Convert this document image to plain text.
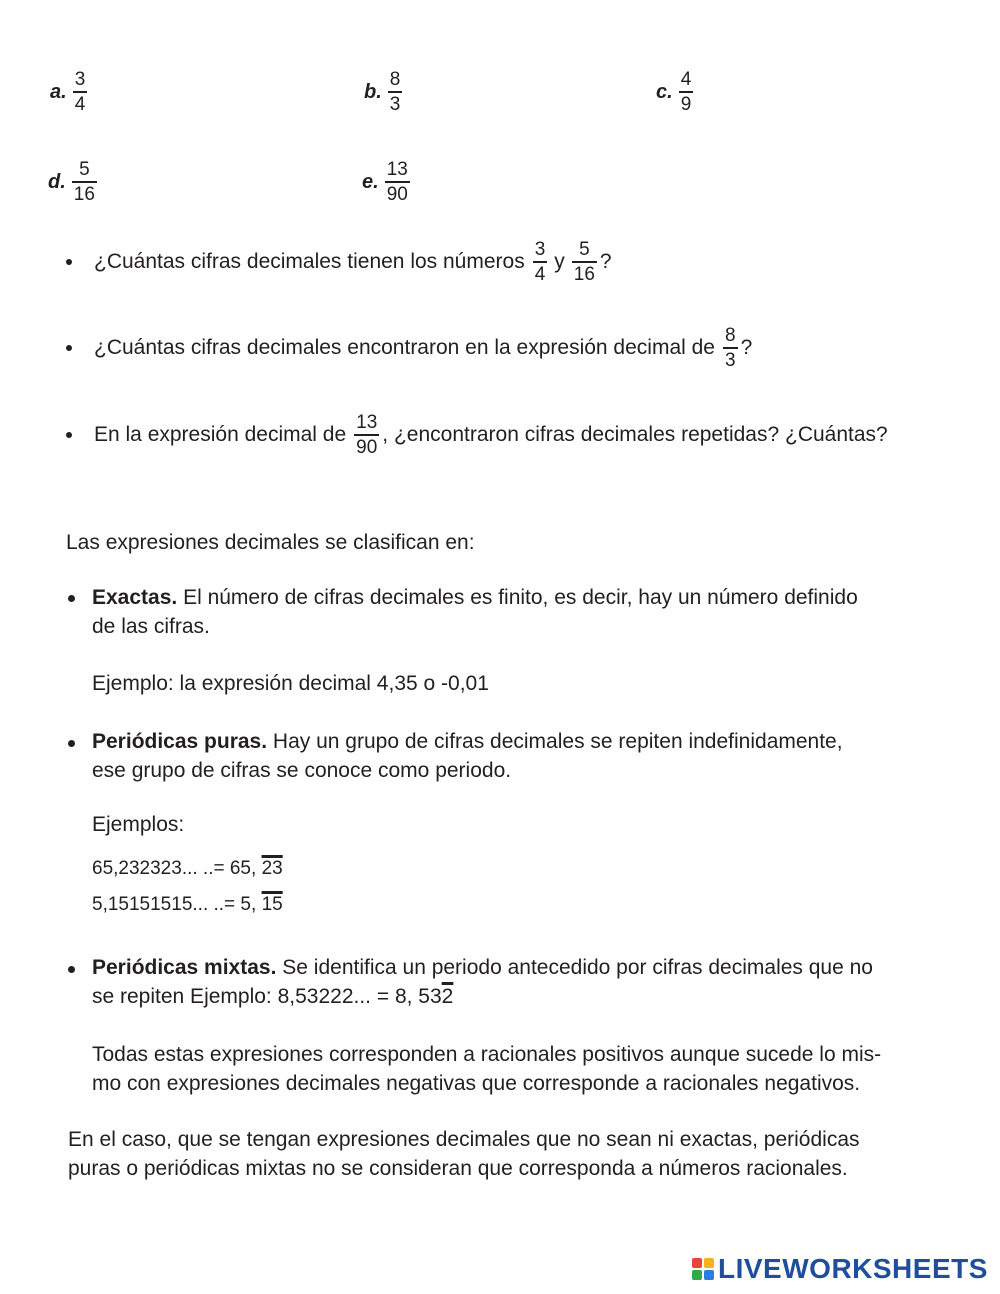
a. $\frac{3}{4}$	b. $\frac{8}{3}$	c. $\frac{4}{9}$
d. $\frac{5}{16}$	e. $\frac{13}{90}$
¿Cuántas cifras decimales tienen los números $\frac{3}{4}$ y $\frac{5}{16}$ ?
¿Cuántas cifras decimales encontraron en la expresión decimal de $\frac{8}{3}$ ?
En la expresión decimal de $\frac{13}{90}$ , ¿encontraron cifras decimales repetidas? ¿Cuántas?
Las expresiones decimales se clasifican en:
Exactas. El número de cifras decimales es finito, es decir, hay un número definido
de las cifras.
Ejemplo: la expresión decimal 4,35 o -0,01
Periódicas puras. Hay un grupo de cifras decimales se repiten indefinidamente,
ese grupo de cifras se conoce como periodo.
Ejemplos:
65,232323... ..= 65, 23
5,15151515... ..= 5, 15
Periódicas mixtas. Se identifica un periodo antecedido por cifras decimales que no
se repiten Ejemplo: 8,53222... = 8, 532
Todas estas expresiones corresponden a racionales positivos aunque sucede lo mis-
mo con expresiones decimales negativas que corresponde a racionales negativos.
En el caso, que se tengan expresiones decimales que no sean ni exactas, periódicas
puras o periódicas mixtas no se consideran que corresponda a números racionales.
LIVEWORKSHEETS
